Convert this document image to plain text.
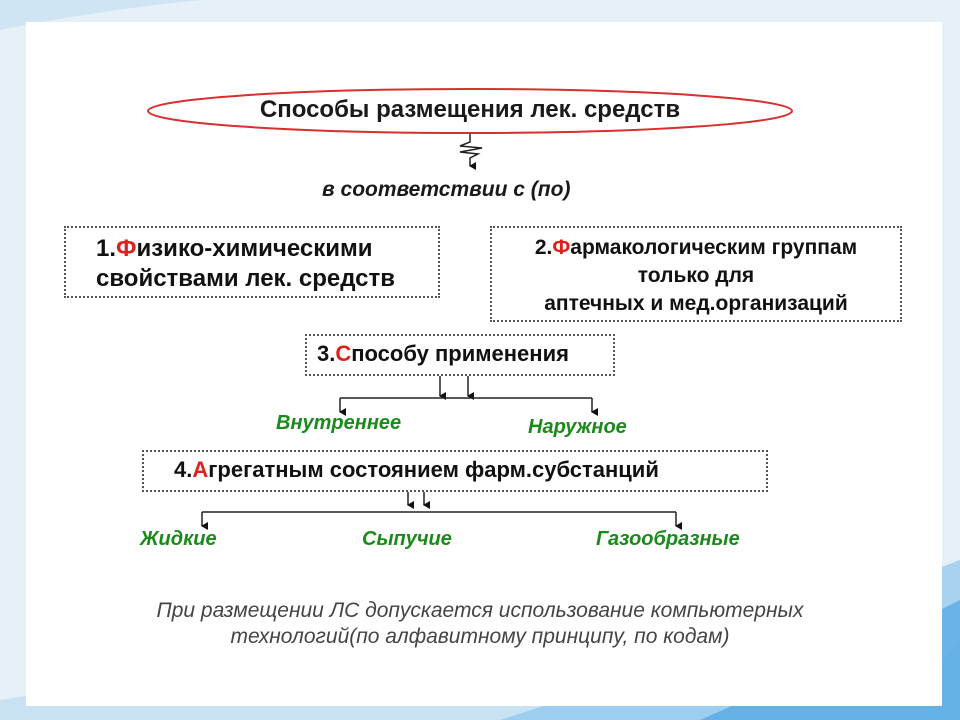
Способы размещения лек. средств
в соответствии с (по)
1.Физико-химическими
свойствами лек. средств
2.Фармакологическим группам
только для
аптечных и мед.организаций
3.Способу применения
Внутреннее	Наружное
4.Агрегатным состоянием фарм.субстанций
Жидкие	Сыпучие	Газообразные
При размещении ЛС допускается использование компьютерных
технологий(по алфавитному принципу, по кодам)
